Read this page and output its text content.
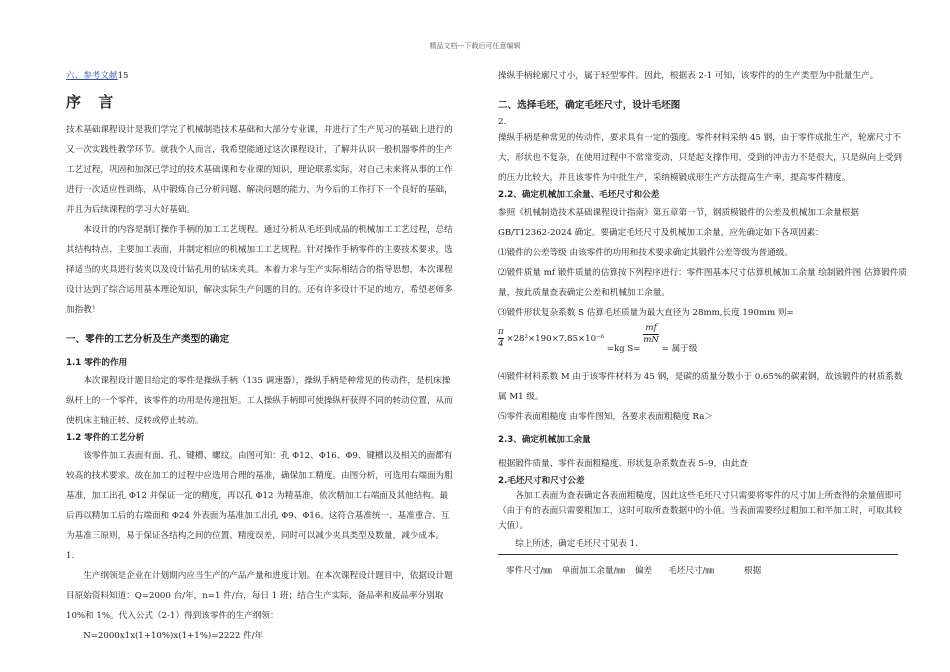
精品文档---下载后可任意编辑

六、参考文献15

序 言

技术基础课程设计是我们学完了机械制造技术基础和大部分专业课，并进行了生产见习的基础上进行的又一次实践性教学环节。就我个人而言，我希望能通过这次课程设计，了解并认识一般机器零件的生产工艺过程，巩固和加深已学过的技术基础课和专业课的知识，理论联系实际，对自己未来将从事的工作进行一次适应性训练，从中锻炼自己分析问题、解决问题的能力，为今后的工作打下一个良好的基础，并且为后续课程的学习大好基础。

本设计的内容是制订操作手柄的加工工艺规程。通过分析从毛坯到成品的机械加工工艺过程，总结其结构特点、主要加工表面，并制定相应的机械加工工艺规程。针对操作手柄零件的主要技术要求，选择适当的夹具进行装夹以及设计钻孔用的钻床夹具。本着力求与生产实际相结合的指导思想，本次课程设计达到了综合运用基本理论知识，解决实际生产问题的目的。还有许多设计不足的地方，希望老师多加指教！

一、零件的工艺分析及生产类型的确定

1.1 零件的作用

本次课程设计题目给定的零件是操纵手柄（135 调速器），操纵手柄是种常见的传动件，是机床操纵杆上的一个零件，该零件的功用是传递扭矩。工人操纵手柄即可使操纵杆获得不同的转动位置，从而使机床主轴正转、反转或停止转动。

1.2 零件的工艺分析

该零件加工表面有面、孔、键槽、螺纹。由图可知：孔 Φ12、Φ16、Φ9、键槽以及相关的面都有较高的技术要求。故在加工的过程中应选用合理的基准，确保加工精度。由图分析，可选用右端面为粗基准，加工出孔 Φ12 并保证一定的精度，再以孔 Φ12 为精基准，依次精加工右端面及其他结构。最后再以精加工后的右端面和 Φ24 外表面为基准加工出孔 Φ9、Φ16。这符合基准统一、基准重合、互为基准三原则，易于保证各结构之间的位置、精度误差，同时可以减少夹具类型及数量，减少成本。

1.

生产纲领是企业在计划期内应当生产的产品产量和进度计划。在本次课程设计题目中，依据设计题目原始资料知道：Q=2000 台/年，n=1 件/台，每日 1 班；结合生产实际，备品率和废品率分别取 10%和 1%。代入公式（2-1）得到该零件的生产纲领：

N=2000x1x(1+10%)x(1+1%)=2222 件/年

操纵手柄轮廓尺寸小，属于轻型零件。因此，根据表 2-1 可知，该零件的的生产类型为中批量生产。

二、选择毛坯，确定毛坯尺寸，设计毛坯图

2.

操纵手柄是种常见的传动件，要求具有一定的强度。零件材料采纳 45 钢，由于零件成批生产，轮廓尺寸不大，形状也不复杂，在使用过程中不常常变动，只是起支撑作用，受到的冲击力不是很大，只是纵向上受到的压力比较大，并且该零件为中批生产，采纳模锻成形生产方法提高生产率，提高零件精度。

2.2、确定机械加工余量、毛坯尺寸和公差

参照《机械制造技术基础课程设计指南》第五章第一节，钢质模锻件的公差及机械加工余量根据 GB/T12362-2024 确定。要确定毛坯尺寸及机械加工余量，应先确定如下各项因素：

⑴锻件的公差等级 由该零件的功用和技术要求确定其锻件公差等级为普通级。

⑵锻件质量 mf 锻件质量的估算按下列程序进行：零件图基本尺寸估算机械加工余量 绘制锻件图 估算锻件质量，按此质量查表确定公差和机械加工余量。

⑶锻件形状复杂系数 S 估算毛坯质量为最大直径为 28mm,长度 190mm 则=

$\frac{\pi}{4} \times 28^2\times 190\times 7.85\times 10^{-6} =kg$ S=
$\frac{mf}{mN}$
= 属于级

⑷锻件材料系数 M 由于该零件材料为 45 钢，是碳的质量分数小于 0.65%的碳素钢，故该锻件的材质系数属 M1 级。

⑸零件表面粗糙度 由零件图知，各要求表面粗糙度 Ra＞

2.3、确定机械加工余量

根据锻件质量、零件表面粗糙度、形状复杂系数查表 5–9，由此查

2.毛坯尺寸和尺寸公差

各加工表面为查表确定各表面粗糙度，因此这些毛坯尺寸只需要将零件的尺寸加上所查得的余量值即可（由于有的表面只需要粗加工，这时可取所查数据中的小值。当表面需要经过粗加工和半加工时，可取其较大值）。

综上所述，确定毛坯尺寸见表 1.

零件尺寸/㎜	单面加工余量/㎜	偏差	毛坯尺寸/㎜	根据
